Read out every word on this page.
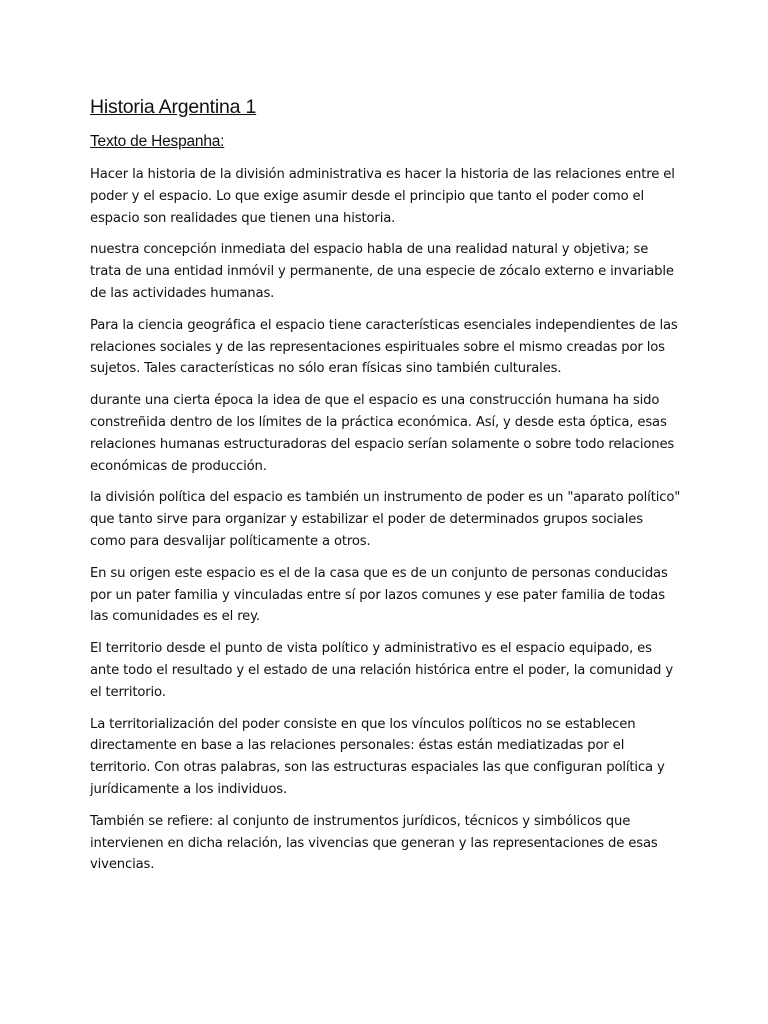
Historia Argentina 1
Texto de Hespanha:

Hacer la historia de la división administrativa es hacer la historia de las relaciones entre el poder y el espacio. Lo que exige asumir desde el principio que tanto el poder como el espacio son realidades que tienen una historia.

nuestra concepción inmediata del espacio habla de una realidad natural y objetiva; se trata de una entidad inmóvil y permanente, de una especie de zócalo externo e invariable de las actividades humanas.

Para la ciencia geográfica el espacio tiene características esenciales independientes de las relaciones sociales y de las representaciones espirituales sobre el mismo creadas por los sujetos. Tales características no sólo eran físicas sino también culturales.

durante una cierta época la idea de que el espacio es una construcción humana ha sido constreñida dentro de los límites de la práctica económica. Así, y desde esta óptica, esas relaciones humanas estructuradoras del espacio serían solamente o sobre todo relaciones económicas de producción.

la división política del espacio es también un instrumento de poder es un "aparato político" que tanto sirve para organizar y estabilizar el poder de determinados grupos sociales como para desvalijar políticamente a otros.

En su origen este espacio es el de la casa que es de un conjunto de personas conducidas por un pater familia y vinculadas entre sí por lazos comunes y ese pater familia de todas las comunidades es el rey.

El territorio desde el punto de vista político y administrativo es el espacio equipado, es ante todo el resultado y el estado de una relación histórica entre el poder, la comunidad y el territorio.

La territorialización del poder consiste en que los vínculos políticos no se establecen directamente en base a las relaciones personales: éstas están mediatizadas por el territorio. Con otras palabras, son las estructuras espaciales las que configuran política y jurídicamente a los individuos.

También se refiere: al conjunto de instrumentos jurídicos, técnicos y simbólicos que intervienen en dicha relación, las vivencias que generan y las representaciones de esas vivencias.
